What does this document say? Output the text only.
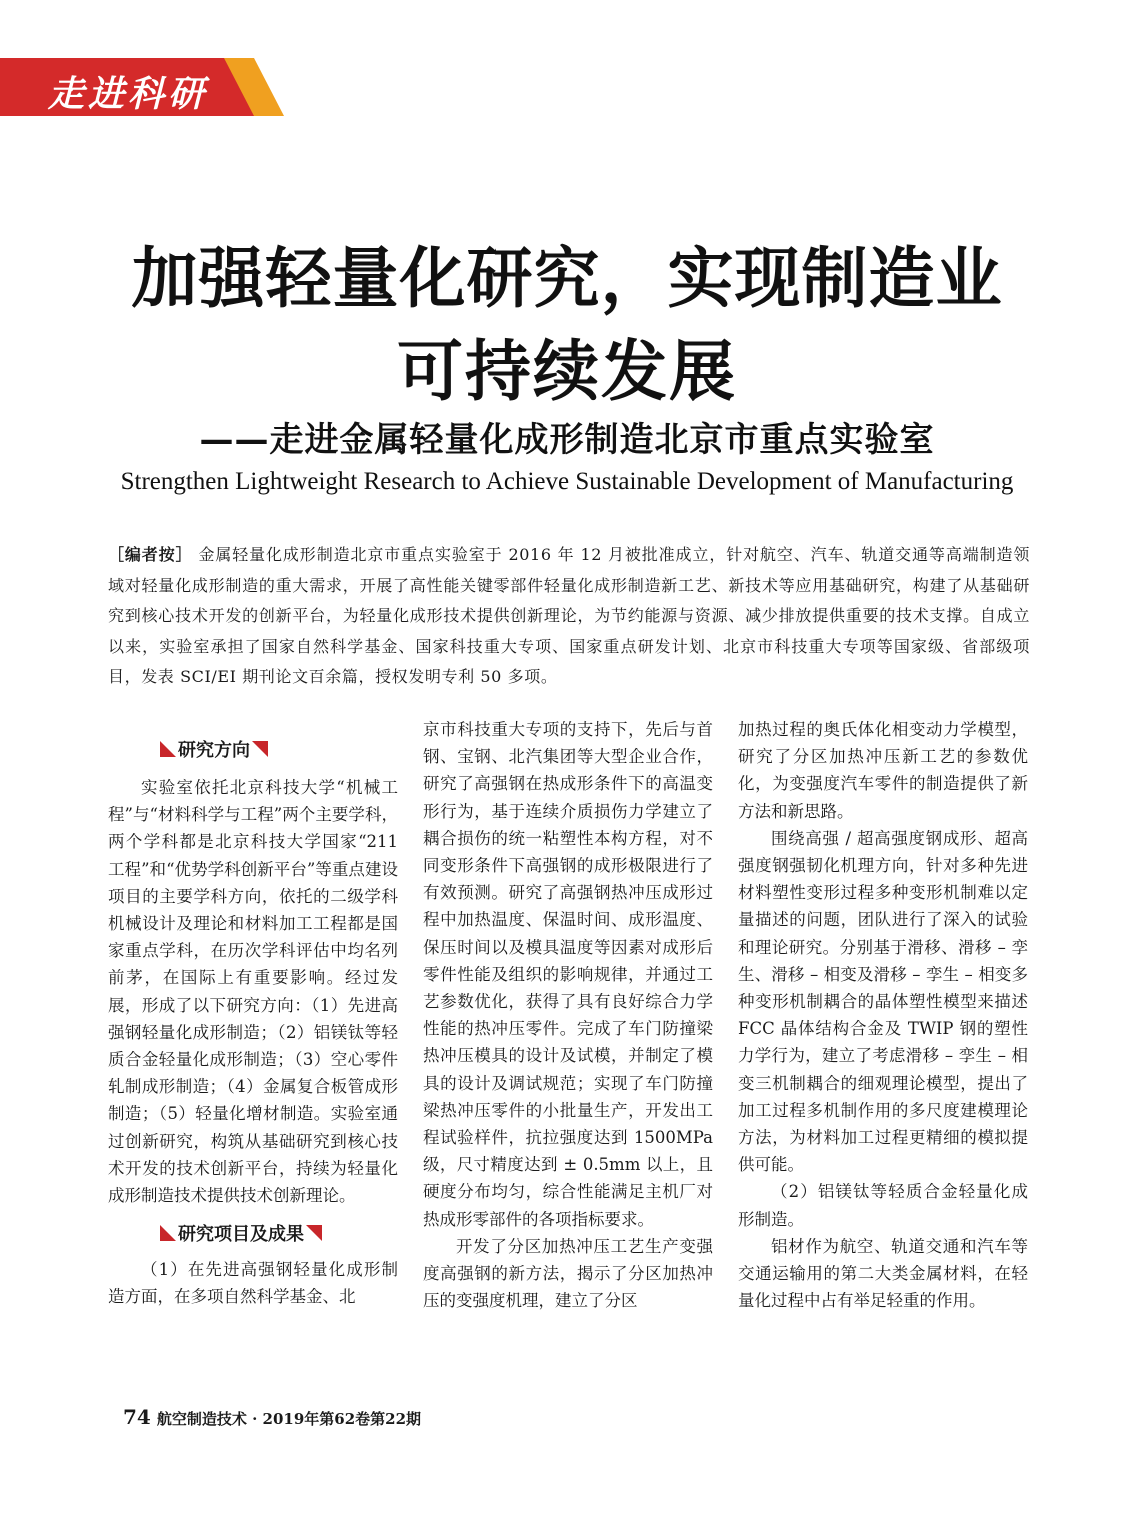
走进科研
加强轻量化研究，实现制造业
可持续发展
——走进金属轻量化成形制造北京市重点实验室
Strengthen Lightweight Research to Achieve Sustainable Development of Manufacturing
［编者按］ 金属轻量化成形制造北京市重点实验室于 2016 年 12 月被批准成立，针对航空、汽车、轨道交通等高端制造领域对轻量化成形制造的重大需求，开展了高性能关键零部件轻量化成形制造新工艺、新技术等应用基础研究，构建了从基础研究到核心技术开发的创新平台，为轻量化成形技术提供创新理论，为节约能源与资源、减少排放提供重要的技术支撑。自成立以来，实验室承担了国家自然科学基金、国家科技重大专项、国家重点研发计划、北京市科技重大专项等国家级、省部级项目，发表 SCI/EI 期刊论文百余篇，授权发明专利 50 多项。
研究方向

实验室依托北京科技大学“机械工程”与“材料科学与工程”两个主要学科，两个学科都是北京科技大学国家“211 工程”和“优势学科创新平台”等重点建设项目的主要学科方向，依托的二级学科机械设计及理论和材料加工工程都是国家重点学科，在历次学科评估中均名列前茅，在国际上有重要影响。经过发展，形成了以下研究方向：（1）先进高强钢轻量化成形制造；（2）铝镁钛等轻质合金轻量化成形制造；（3）空心零件轧制成形制造；（4）金属复合板管成形制造；（5）轻量化增材制造。实验室通过创新研究，构筑从基础研究到核心技术开发的技术创新平台，持续为轻量化成形制造技术提供技术创新理论。

研究项目及成果

（1）在先进高强钢轻量化成形制造方面，在多项自然科学基金、北

京市科技重大专项的支持下，先后与首钢、宝钢、北汽集团等大型企业合作，研究了高强钢在热成形条件下的高温变形行为，基于连续介质损伤力学建立了耦合损伤的统一粘塑性本构方程，对不同变形条件下高强钢的成形极限进行了有效预测。研究了高强钢热冲压成形过程中加热温度、保温时间、成形温度、保压时间以及模具温度等因素对成形后零件性能及组织的影响规律，并通过工艺参数优化，获得了具有良好综合力学性能的热冲压零件。完成了车门防撞梁热冲压模具的设计及试模，并制定了模具的设计及调试规范；实现了车门防撞梁热冲压零件的小批量生产，开发出工程试验样件，抗拉强度达到 1500MPa 级，尺寸精度达到 ± 0.5mm 以上，且硬度分布均匀，综合性能满足主机厂对热成形零部件的各项指标要求。

开发了分区加热冲压工艺生产变强度高强钢的新方法，揭示了分区加热冲压的变强度机理，建立了分区

加热过程的奥氏体化相变动力学模型，研究了分区加热冲压新工艺的参数优化，为变强度汽车零件的制造提供了新方法和新思路。

围绕高强 / 超高强度钢成形、超高强度钢强韧化机理方向，针对多种先进材料塑性变形过程多种变形机制难以定量描述的问题，团队进行了深入的试验和理论研究。分别基于滑移、滑移 – 孪生、滑移 – 相变及滑移 – 孪生 – 相变多种变形机制耦合的晶体塑性模型来描述 FCC 晶体结构合金及 TWIP 钢的塑性力学行为，建立了考虑滑移 – 孪生 – 相变三机制耦合的细观理论模型，提出了加工过程多机制作用的多尺度建模理论方法，为材料加工过程更精细的模拟提供可能。

（2）铝镁钛等轻质合金轻量化成形制造。

铝材作为航空、轨道交通和汽车等交通运输用的第二大类金属材料，在轻量化过程中占有举足轻重的作用。

74 航空制造技术 · 2019年第62卷第22期
